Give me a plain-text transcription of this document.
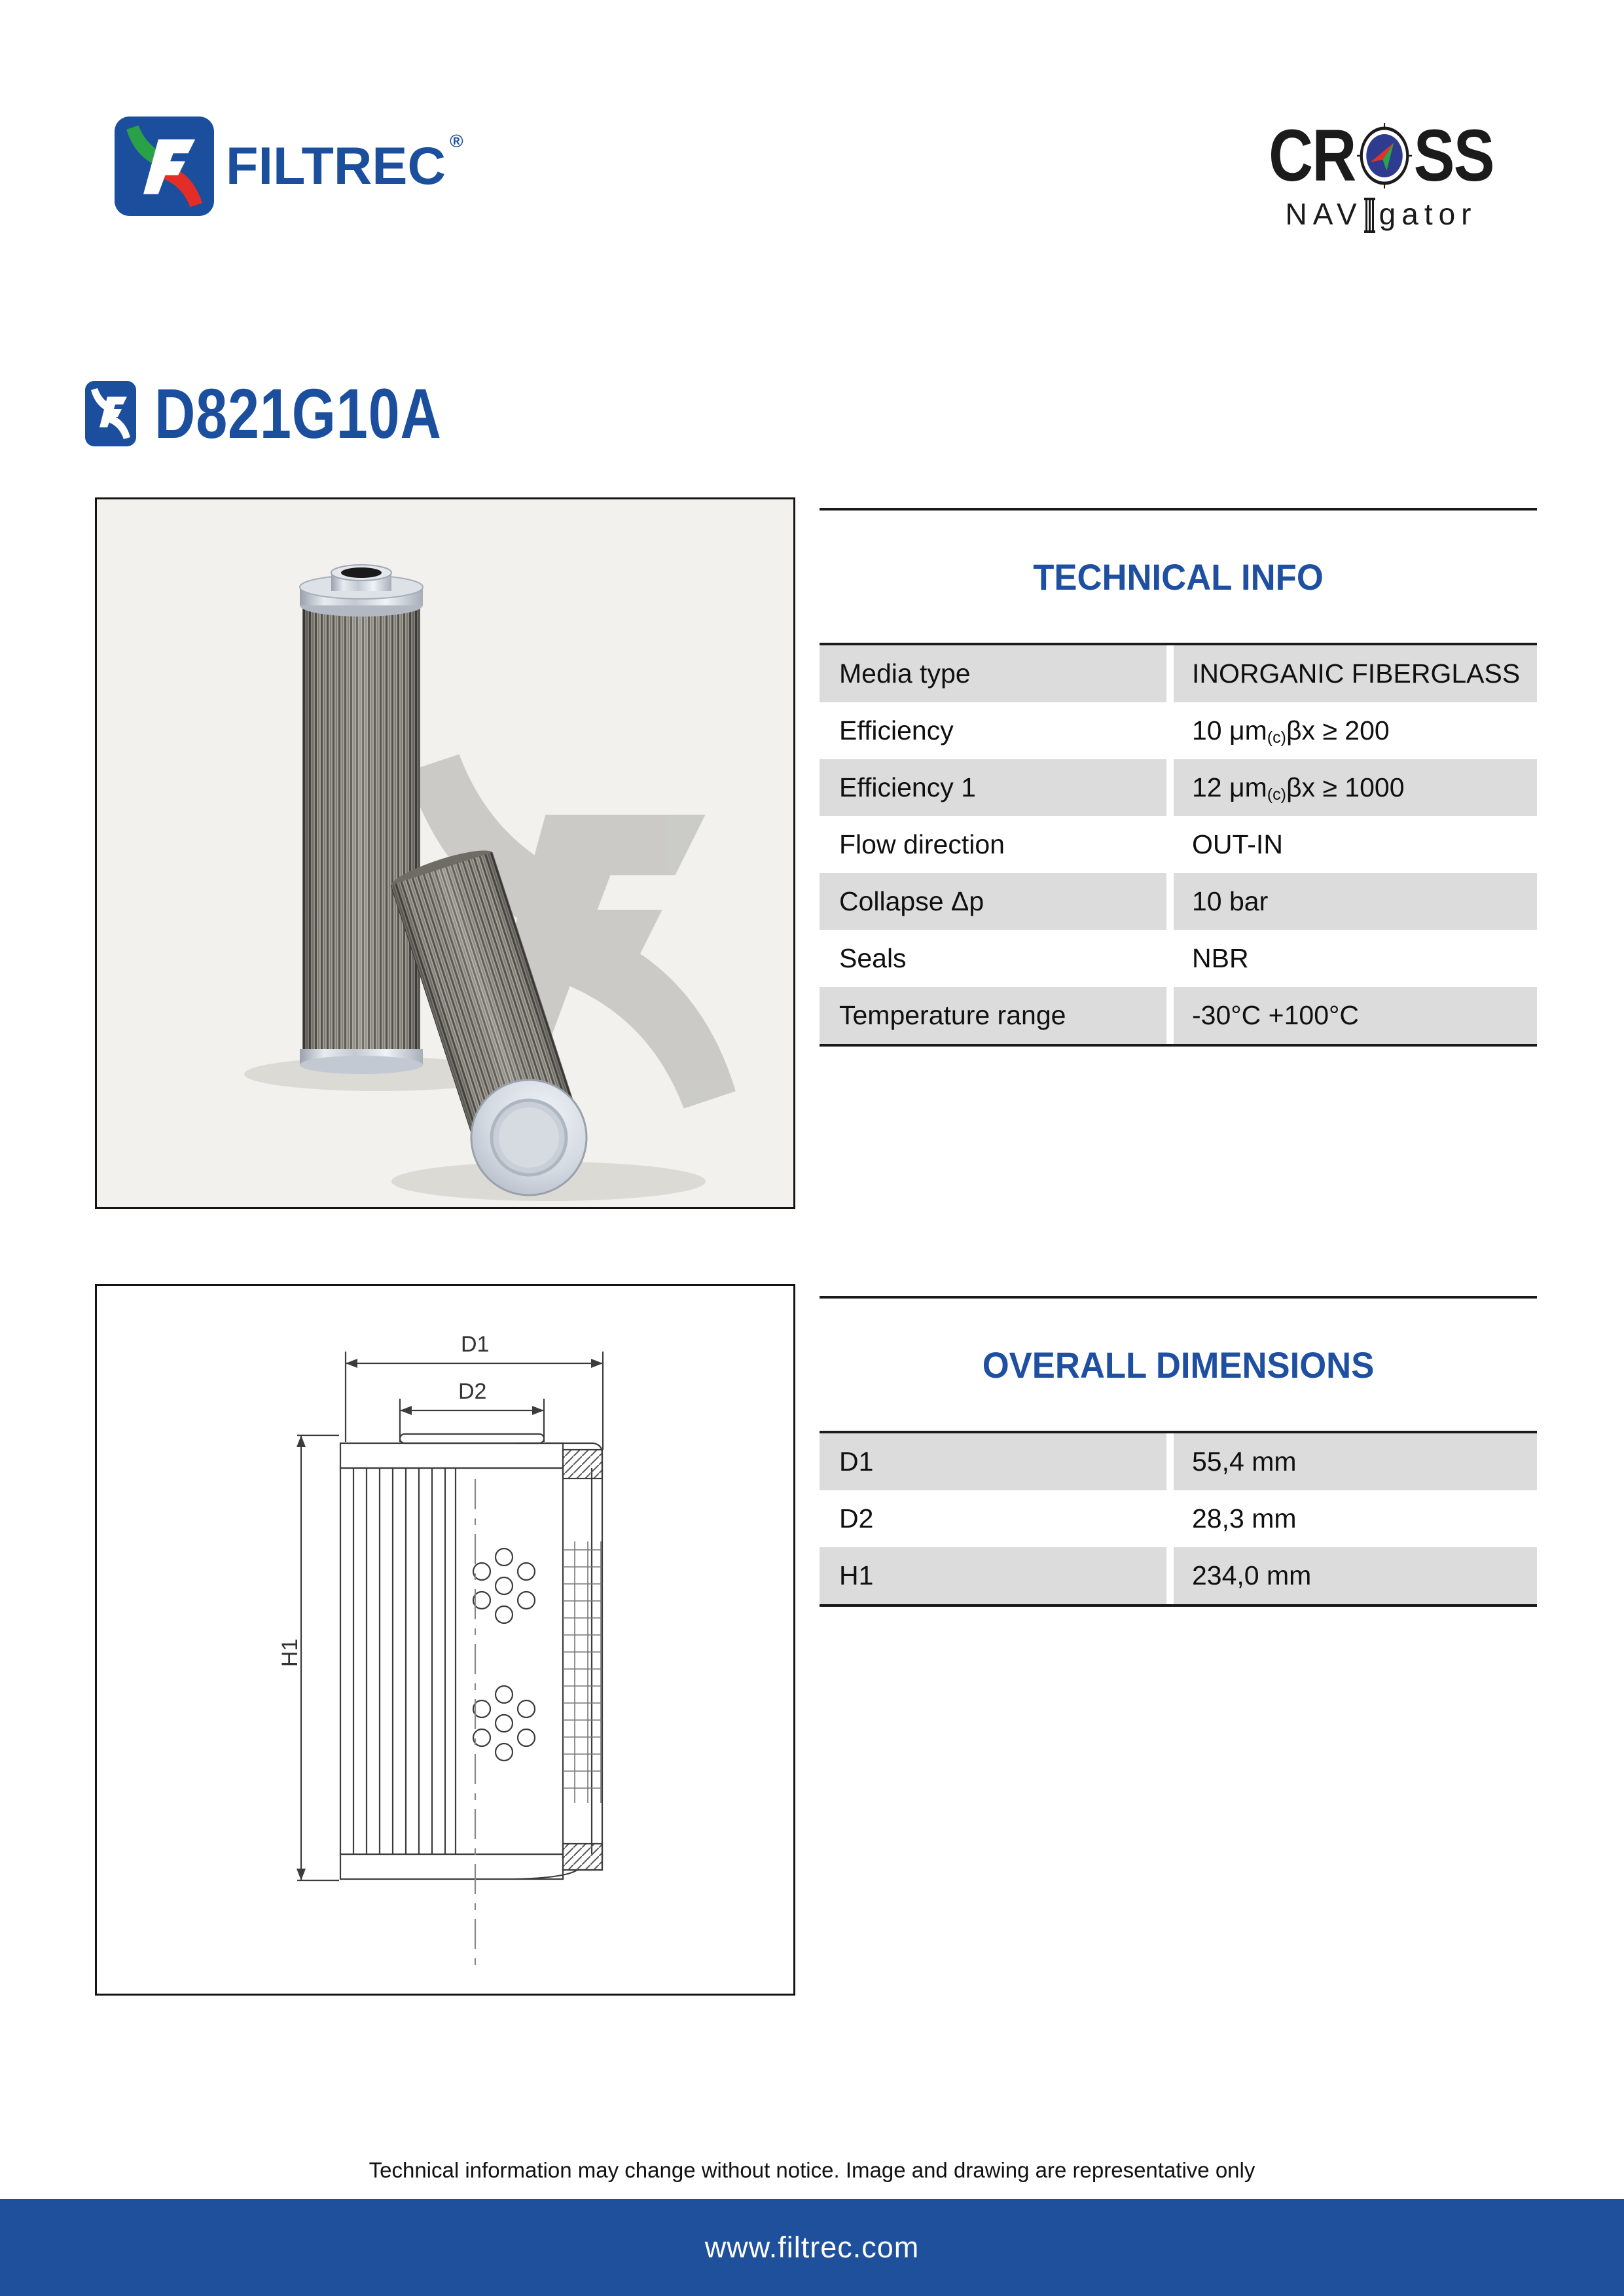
FILTREC ®	CR SS
NAV gator
D821G10A
TECHNICAL INFO
Media type	INORGANIC FIBERGLASS
Efficiency	10 $\mu m_{(c)}$ βx ≥ 200
Efficiency 1	12 $\mu m_{(c)}$ βx ≥ 1000
Flow direction	OUT-IN
Collapse Δp	10 bar
Seals	NBR
Temperature range	-30°C +100°C
D1
D2
H1
OVERALL DIMENSIONS
D1	55,4 mm
D2	28,3 mm
H1	234,0 mm
Technical information may change without notice. Image and drawing are representative only
www.filtrec.com
